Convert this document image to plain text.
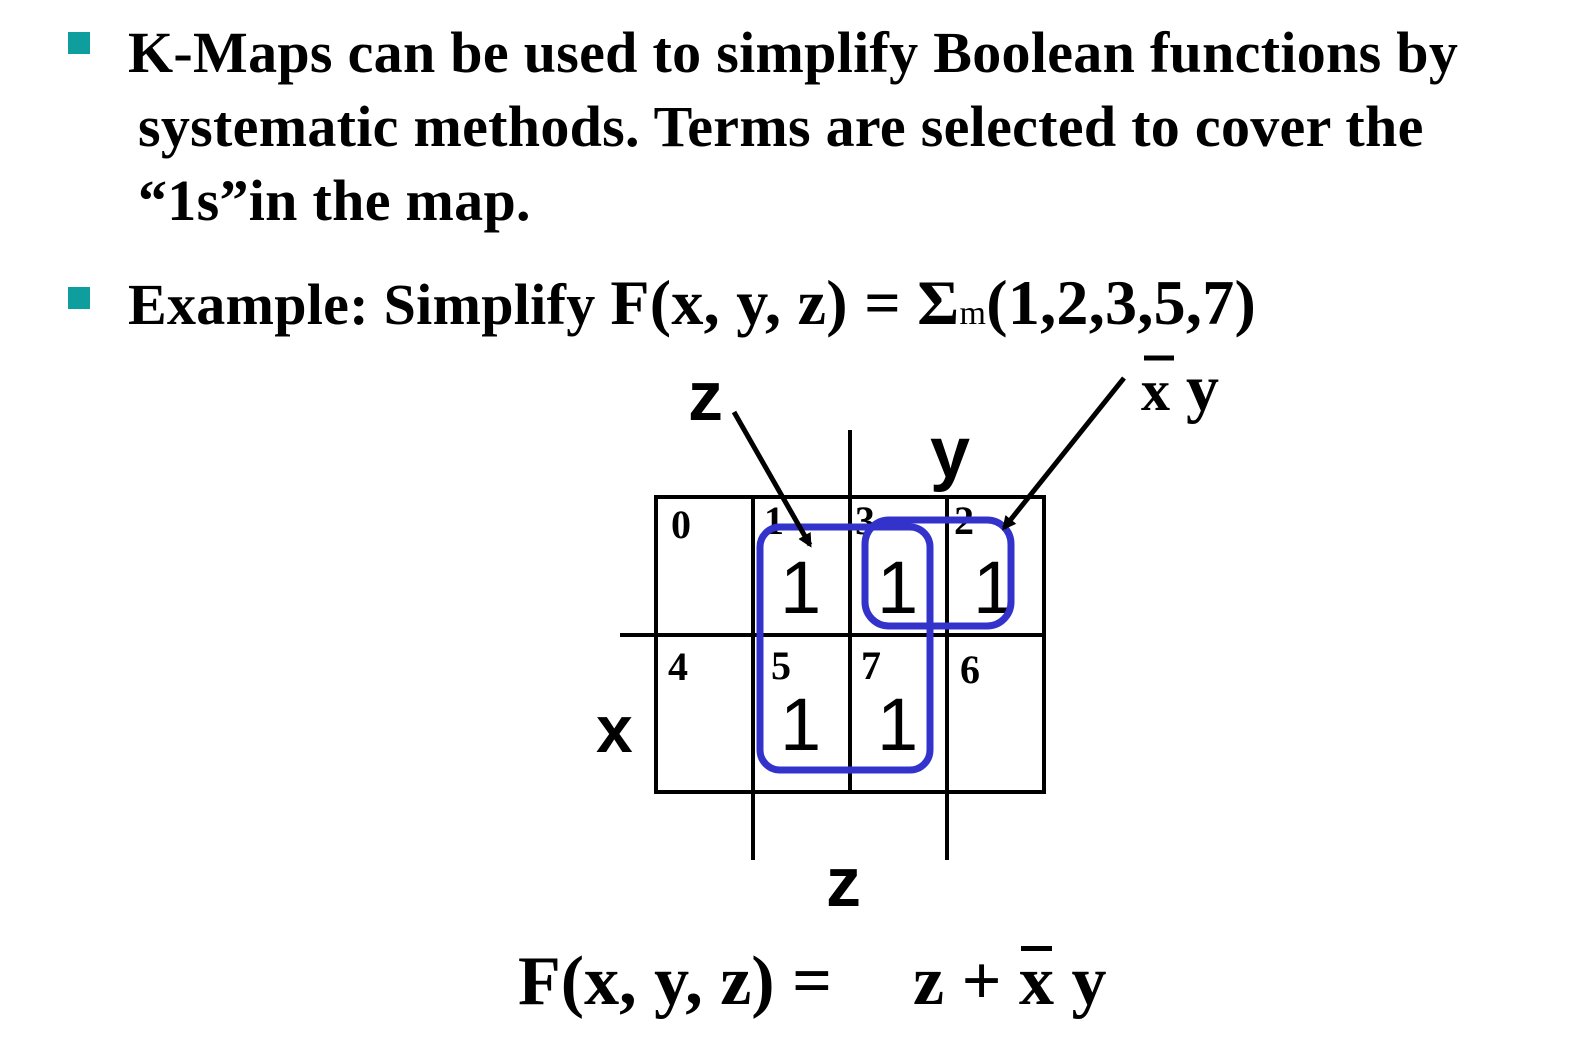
K-Maps can be used to simplify Boolean functions by
systematic methods. Terms are selected to cover the
“1s”in the map.
Example: Simplify F(x, y, z) = Σm(1,2,3,5,7)
y
x
z
z	x y
0 1 3 2
4 5 7 6
1 1 1
1 1
F(x, y, z) = z + x y
